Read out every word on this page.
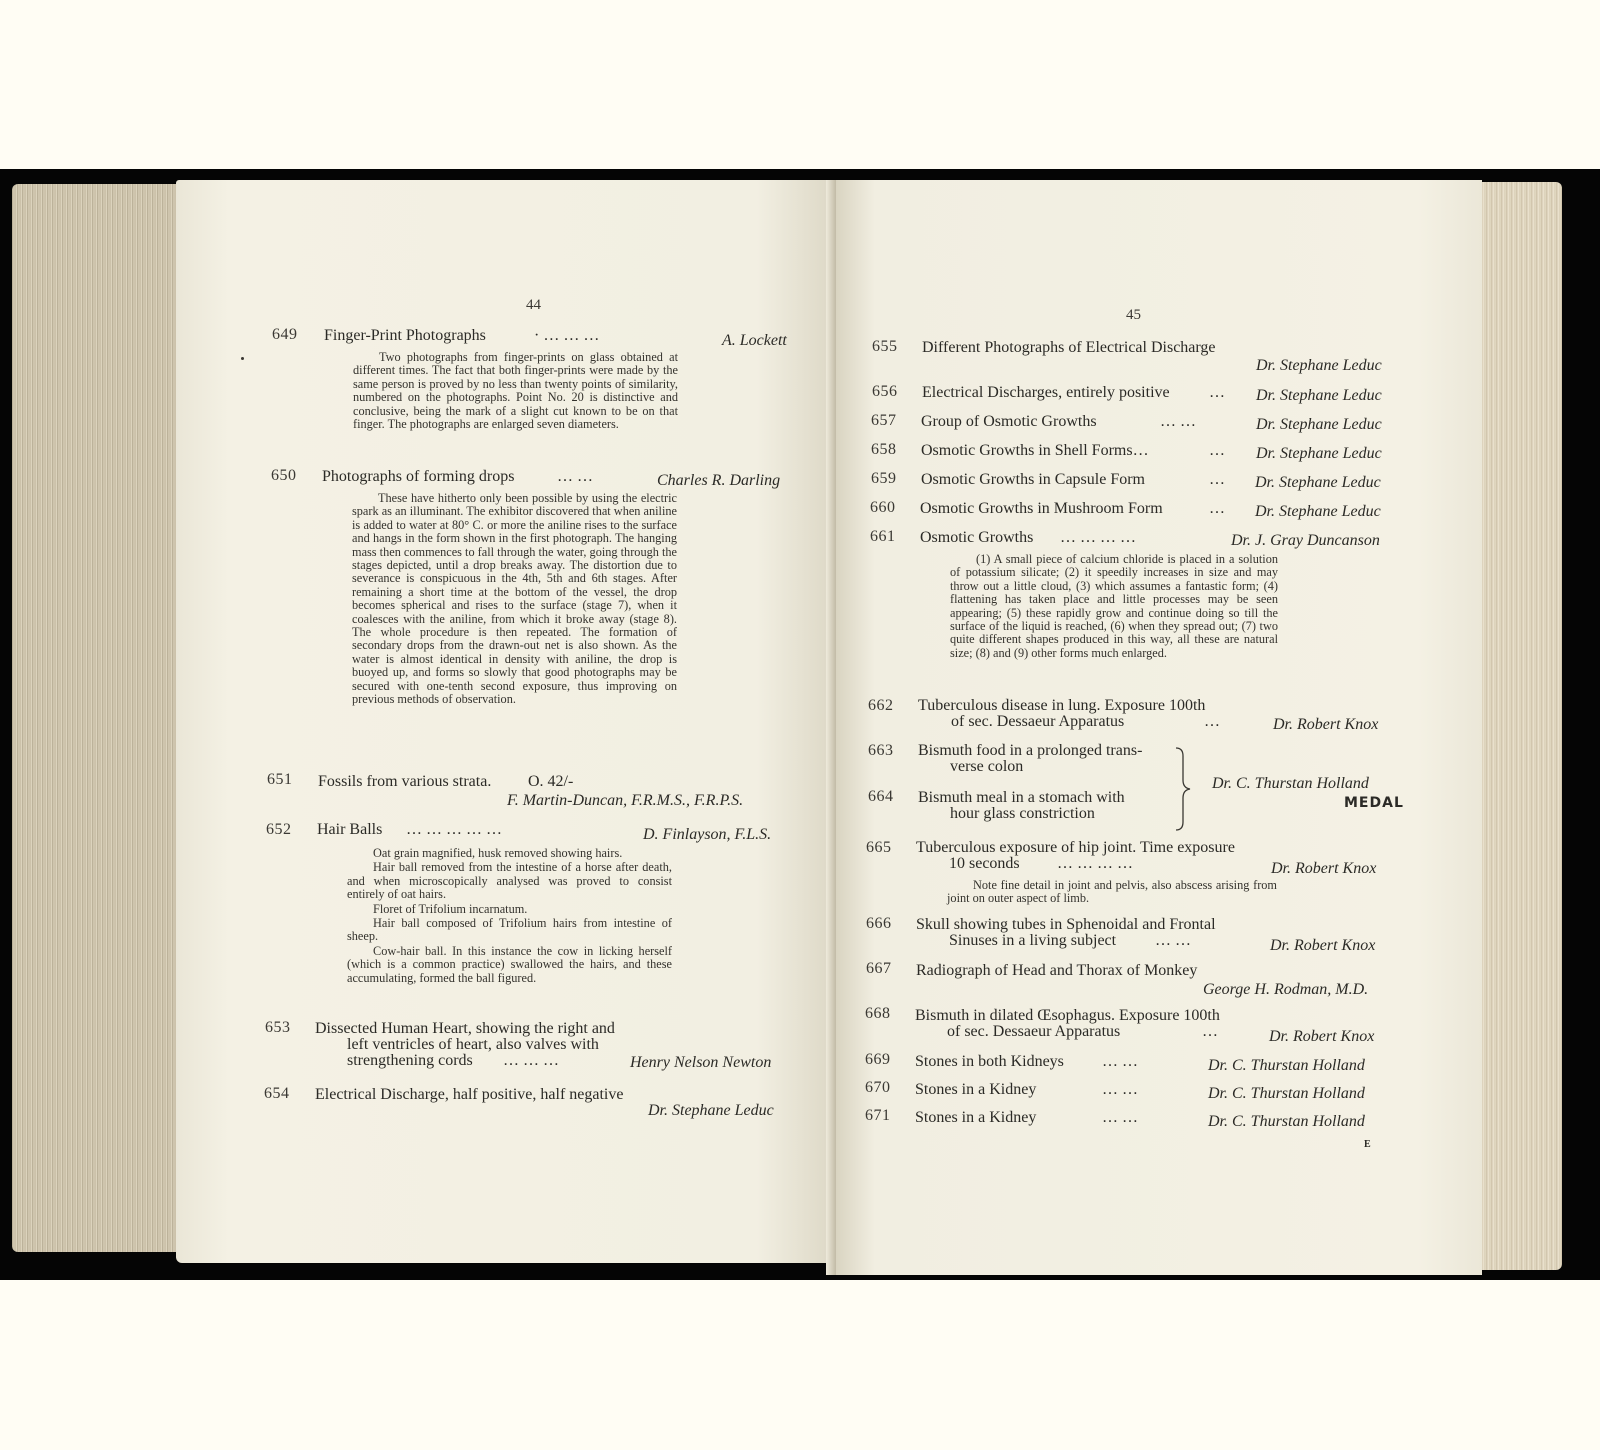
44
649 Finger-Print Photographs	· … … …	A. Lockett

Two photographs from finger-prints on glass obtained at different times. The fact that both finger-prints were made by the same person is proved by no less than twenty points of similarity, numbered on the photographs. Point No. 20 is distinctive and conclusive, being the mark of a slight cut known to be on that finger. The photographs are enlarged seven diameters.

650 Photographs of forming drops	… …	Charles R. Darling

These have hitherto only been possible by using the electric spark as an illuminant. The exhibitor discovered that when aniline is added to water at 80° C. or more the aniline rises to the surface and hangs in the form shown in the first photograph. The hanging mass then commences to fall through the water, going through the stages depicted, until a drop breaks away. The distortion due to severance is conspicuous in the 4th, 5th and 6th stages. After remaining a short time at the bottom of the vessel, the drop becomes spherical and rises to the surface (stage 7), when it coalesces with the aniline, from which it broke away (stage 8). The whole procedure is then repeated. The formation of secondary drops from the drawn-out net is also shown. As the water is almost identical in density with aniline, the drop is buoyed up, and forms so slowly that good photographs may be secured with one-tenth second exposure, thus improving on previous methods of observation.

651 Fossils from various strata. O. 42/-
F. Martin-Duncan, F.R.M.S., F.R.P.S.
652 Hair Balls … … … … …	D. Finlayson, F.L.S.

Oat grain magnified, husk removed showing hairs.

Hair ball removed from the intestine of a horse after death, and when microscopically analysed was proved to consist entirely of oat hairs.

Floret of Trifolium incarnatum.

Hair ball composed of Trifolium hairs from intestine of sheep.

Cow-hair ball. In this instance the cow in licking herself (which is a common practice) swallowed the hairs, and these accumulating, formed the ball figured.

653 Dissected Human Heart, showing the right and
left ventricles of heart, also valves with
strengthening cords … … …	Henry Nelson Newton
654 Electrical Discharge, half positive, half negative
Dr. Stephane Leduc
45
655 Different Photographs of Electrical Discharge
Dr. Stephane Leduc
656 Electrical Discharges, entirely positive … Dr. Stephane Leduc
657 Group of Osmotic Growths	… …	Dr. Stephane Leduc
658 Osmotic Growths in Shell Forms…	… Dr. Stephane Leduc
659 Osmotic Growths in Capsule Form	… Dr. Stephane Leduc
660 Osmotic Growths in Mushroom Form	… Dr. Stephane Leduc
661 Osmotic Growths … … … …	Dr. J. Gray Duncanson

(1) A small piece of calcium chloride is placed in a solution of potassium silicate; (2) it speedily increases in size and may throw out a little cloud, (3) which assumes a fantastic form; (4) flattening has taken place and little processes may be seen appearing; (5) these rapidly grow and continue doing so till the surface of the liquid is reached, (6) when they spread out; (7) two quite different shapes produced in this way, all these are natural size; (8) and (9) other forms much enlarged.

662 Tuberculous disease in lung. Exposure 100th
of sec. Dessaeur Apparatus	…	Dr. Robert Knox
663 Bismuth food in a prolonged trans-
verse colon
664 Bismuth meal in a stomach with
hour glass constriction
Dr. C. Thurstan Holland
MEDAL
665 Tuberculous exposure of hip joint. Time exposure
10 seconds … … … …	Dr. Robert Knox

Note fine detail in joint and pelvis, also abscess arising from joint on outer aspect of limb.

666 Skull showing tubes in Sphenoidal and Frontal
Sinuses in a living subject … …	Dr. Robert Knox
667 Radiograph of Head and Thorax of Monkey
George H. Rodman, M.D.
668 Bismuth in dilated Œsophagus. Exposure 100th
of sec. Dessaeur Apparatus	…	Dr. Robert Knox
669 Stones in both Kidneys … …	Dr. C. Thurstan Holland
670 Stones in a Kidney	… …	Dr. C. Thurstan Holland
671 Stones in a Kidney	… …	Dr. C. Thurstan Holland
E
